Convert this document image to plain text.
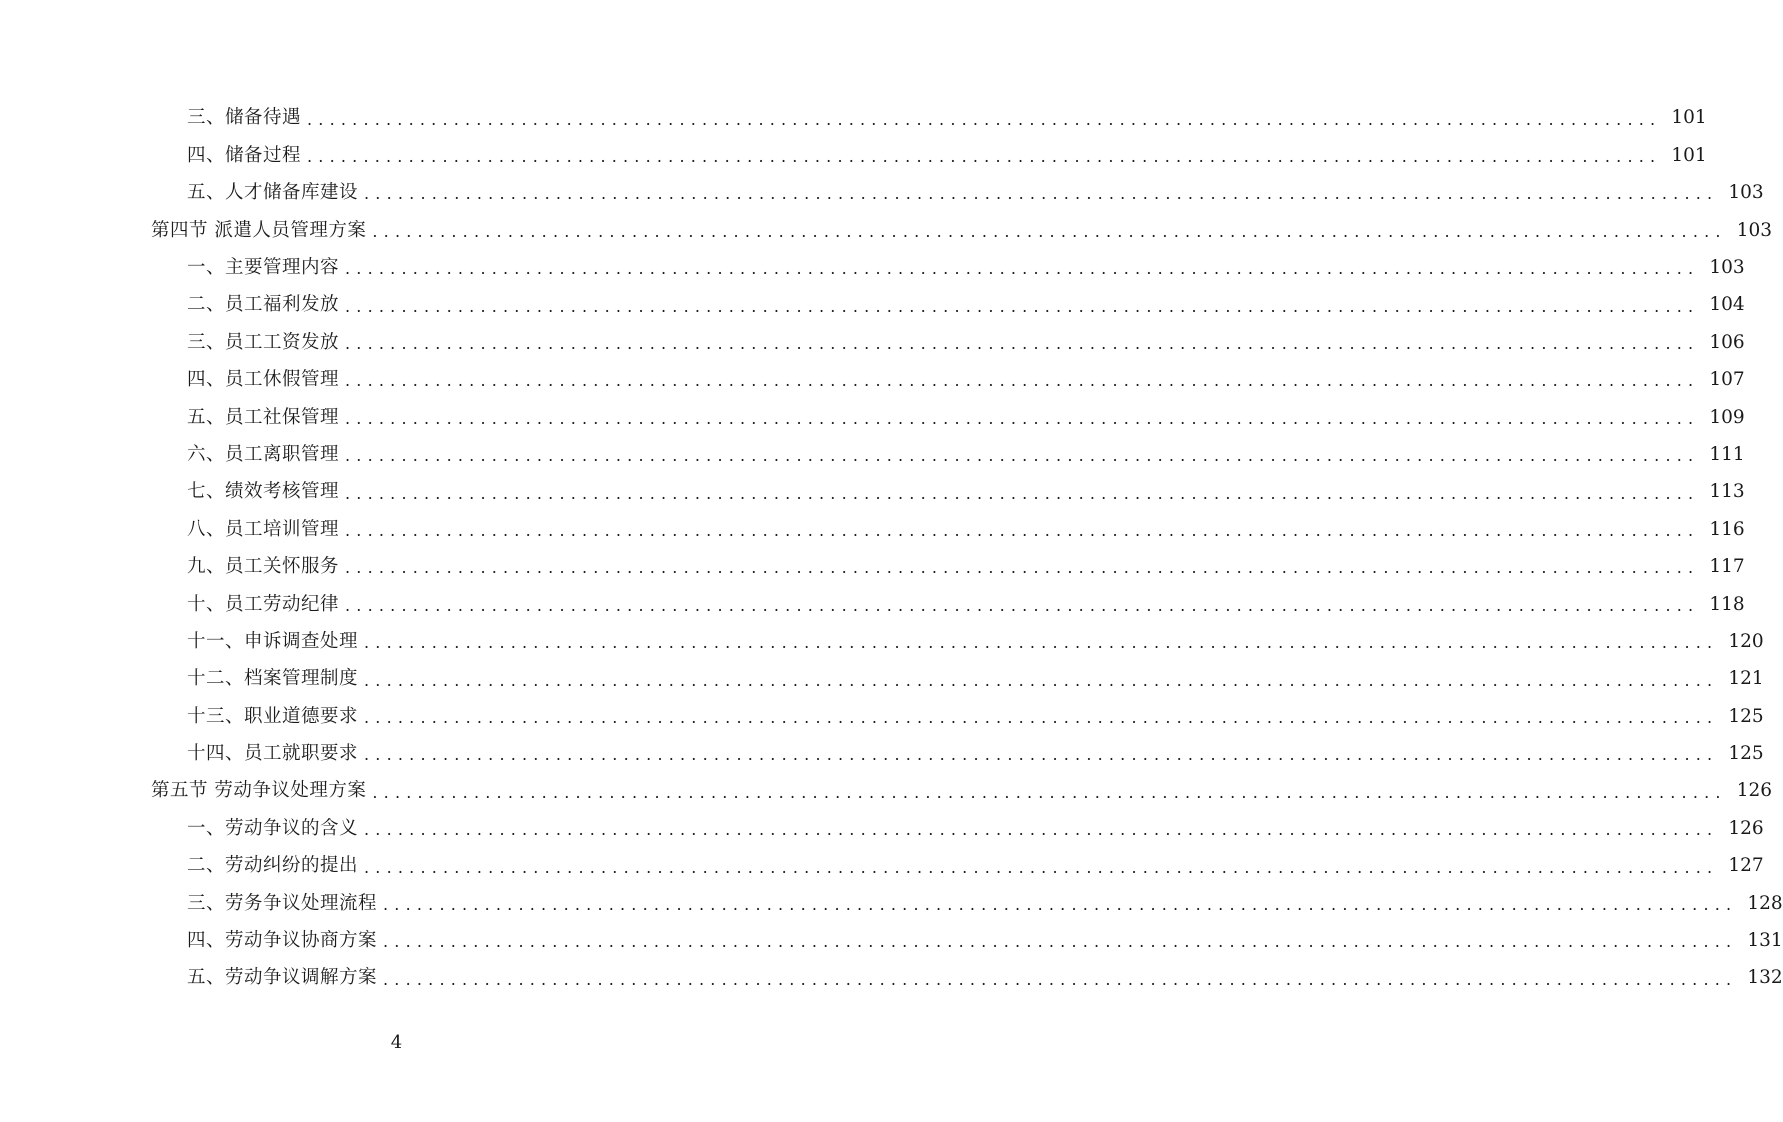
三、储备待遇 ........................................................................................................................ 101
四、储备过程 ........................................................................................................................ 101
五、人才储备库建设 ........................................................................................................................ 103
第四节 派遣人员管理方案 ........................................................................................................................ 103
一、主要管理内容 ........................................................................................................................ 103
二、员工福利发放 ........................................................................................................................ 104
三、员工工资发放 ........................................................................................................................ 106
四、员工休假管理 ........................................................................................................................ 107
五、员工社保管理 ........................................................................................................................ 109
六、员工离职管理 ........................................................................................................................ 111
七、绩效考核管理 ........................................................................................................................ 113
八、员工培训管理 ........................................................................................................................ 116
九、员工关怀服务 ........................................................................................................................ 117
十、员工劳动纪律 ........................................................................................................................ 118
十一、申诉调查处理 ........................................................................................................................ 120
十二、档案管理制度 ........................................................................................................................ 121
十三、职业道德要求 ........................................................................................................................ 125
十四、员工就职要求 ........................................................................................................................ 125
第五节 劳动争议处理方案 ........................................................................................................................ 126
一、劳动争议的含义 ........................................................................................................................ 126
二、劳动纠纷的提出 ........................................................................................................................ 127
三、劳务争议处理流程 ........................................................................................................................ 128
四、劳动争议协商方案 ........................................................................................................................ 131
五、劳动争议调解方案 ........................................................................................................................ 132
4
